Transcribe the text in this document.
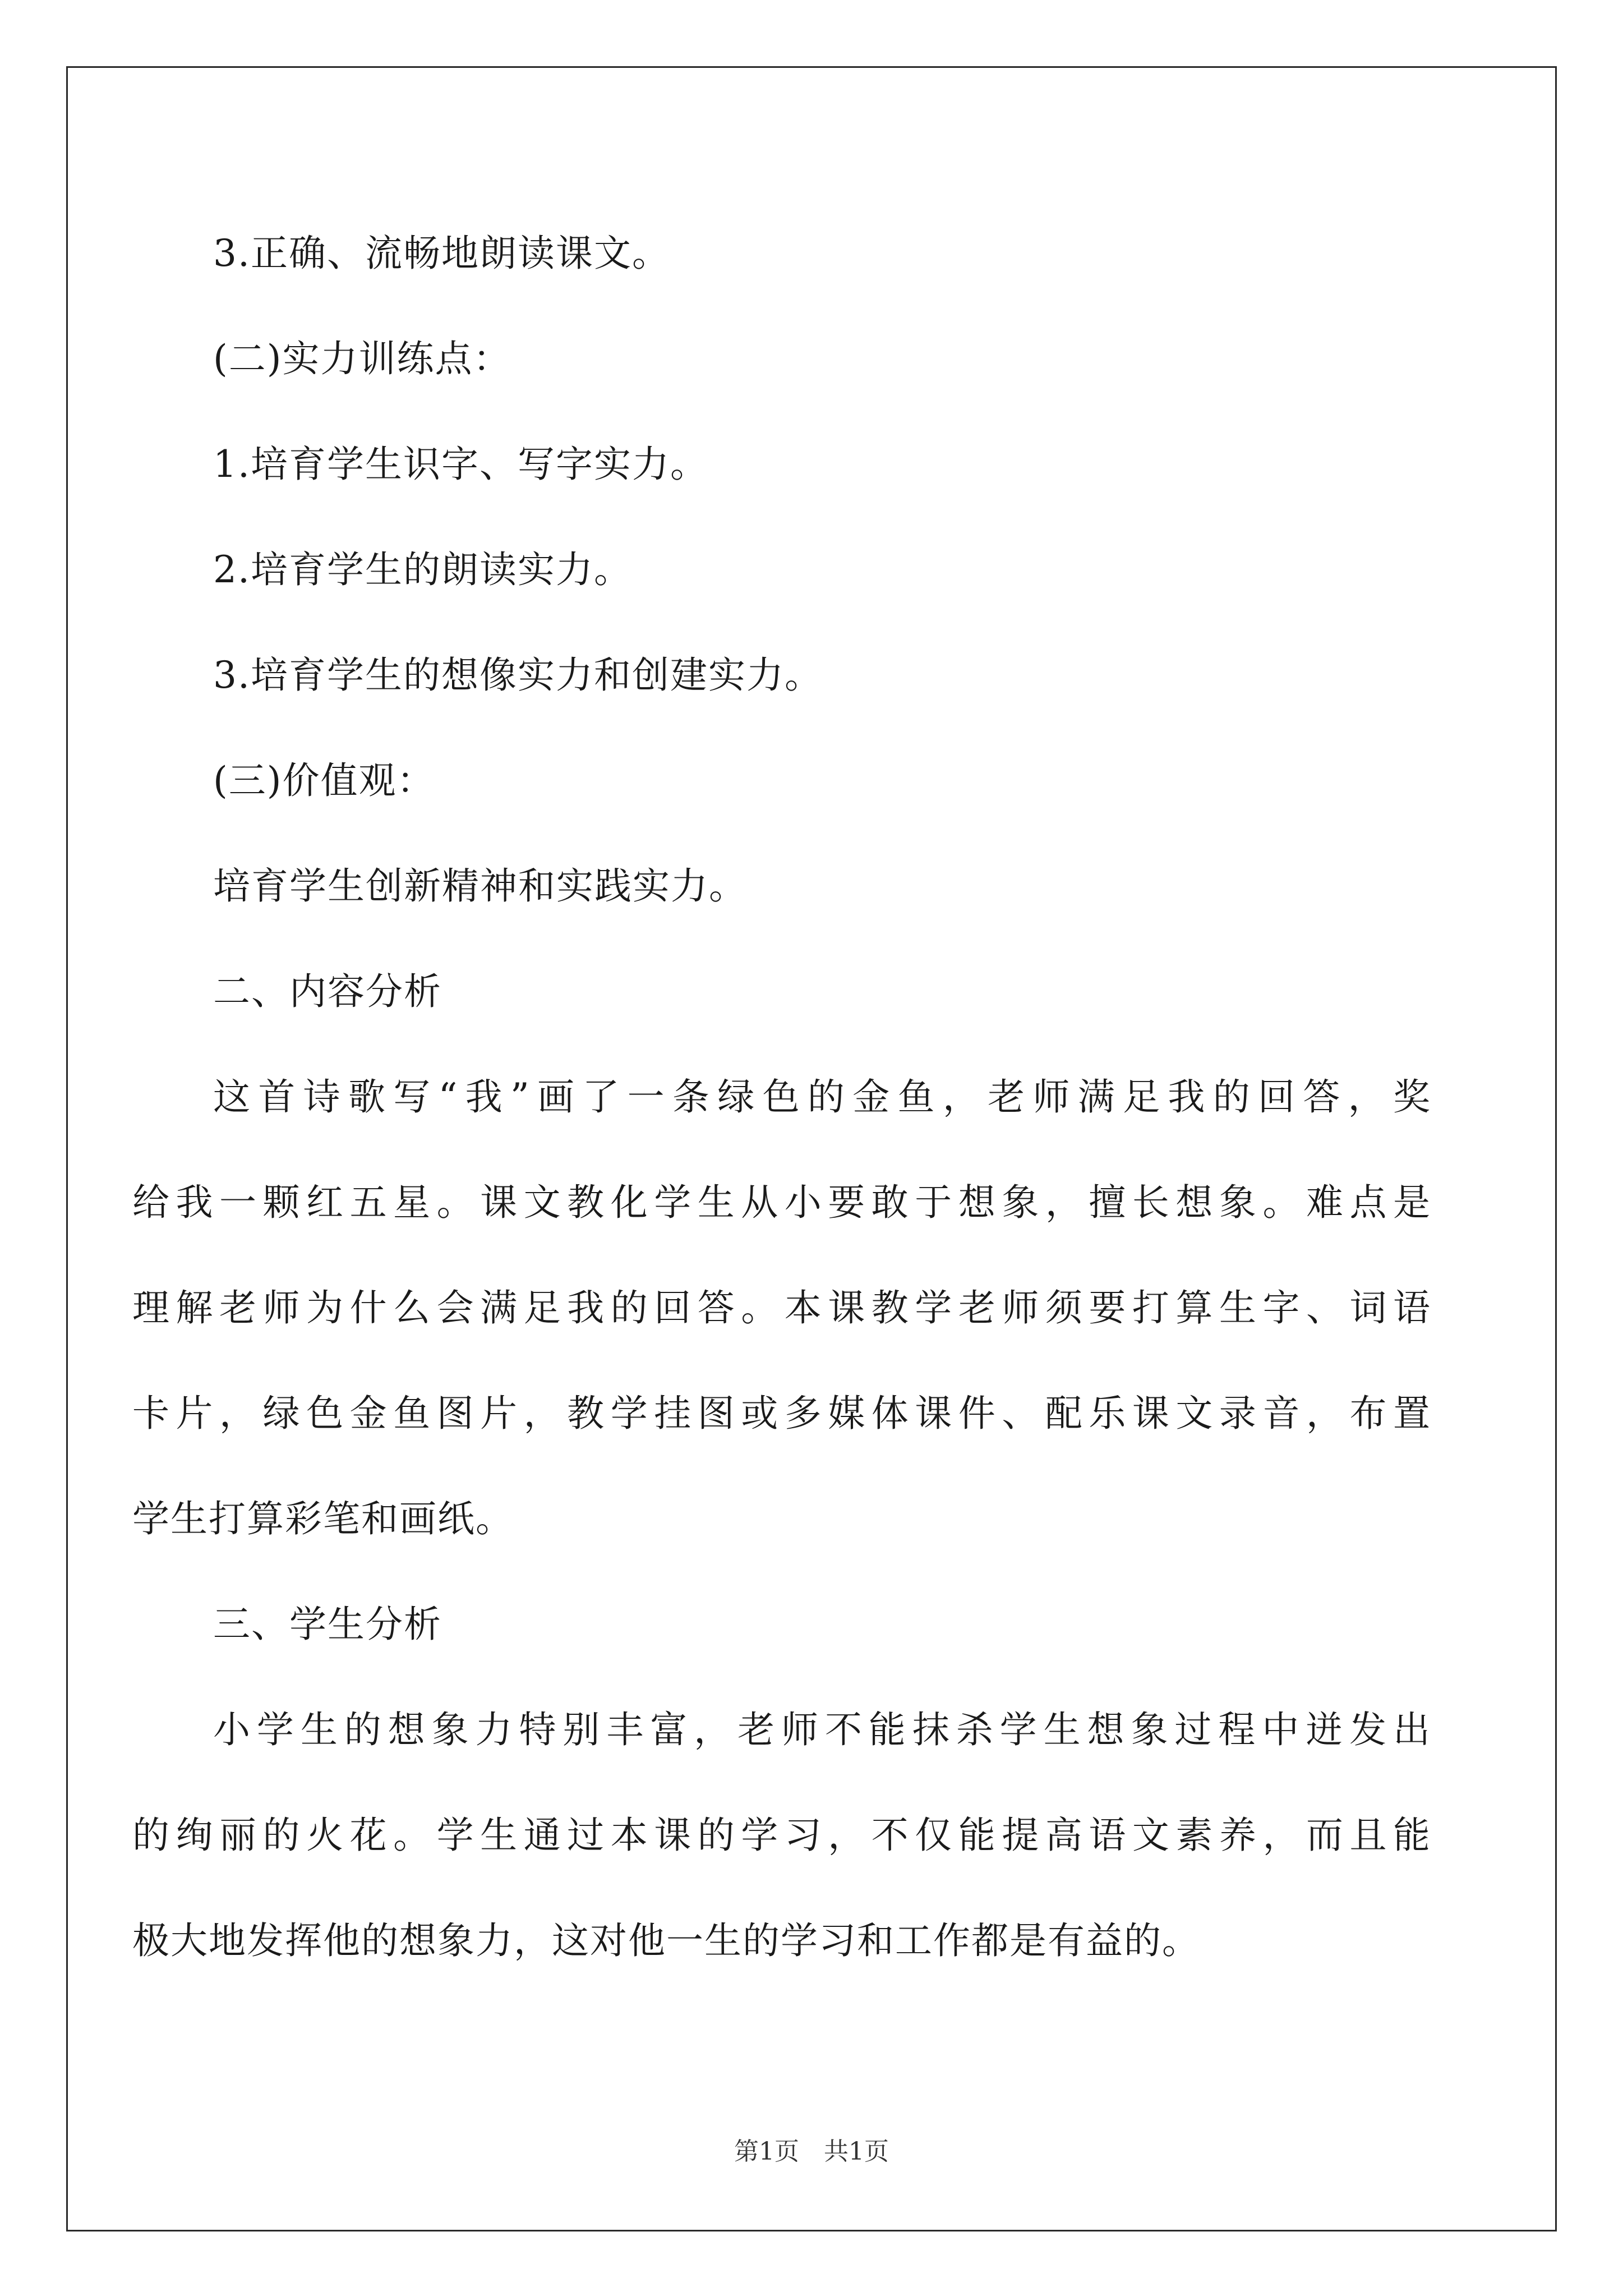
3.正确、流畅地朗读课文。
(二)实力训练点：
1.培育学生识字、写字实力。
2.培育学生的朗读实力。
3.培育学生的想像实力和创建实力。
(三)价值观：
培育学生创新精神和实践实力。
二、内容分析
这首诗歌写“我”画了一条绿色的金鱼，老师满足我的回答，奖
给我一颗红五星。课文教化学生从小要敢于想象，擅长想象。难点是
理解老师为什么会满足我的回答。本课教学老师须要打算生字、词语
卡片，绿色金鱼图片，教学挂图或多媒体课件、配乐课文录音，布置
学生打算彩笔和画纸。
三、学生分析
小学生的想象力特别丰富，老师不能抹杀学生想象过程中迸发出
的绚丽的火花。学生通过本课的学习，不仅能提高语文素养，而且能
极大地发挥他的想象力，这对他一生的学习和工作都是有益的。
第1页　共1页
